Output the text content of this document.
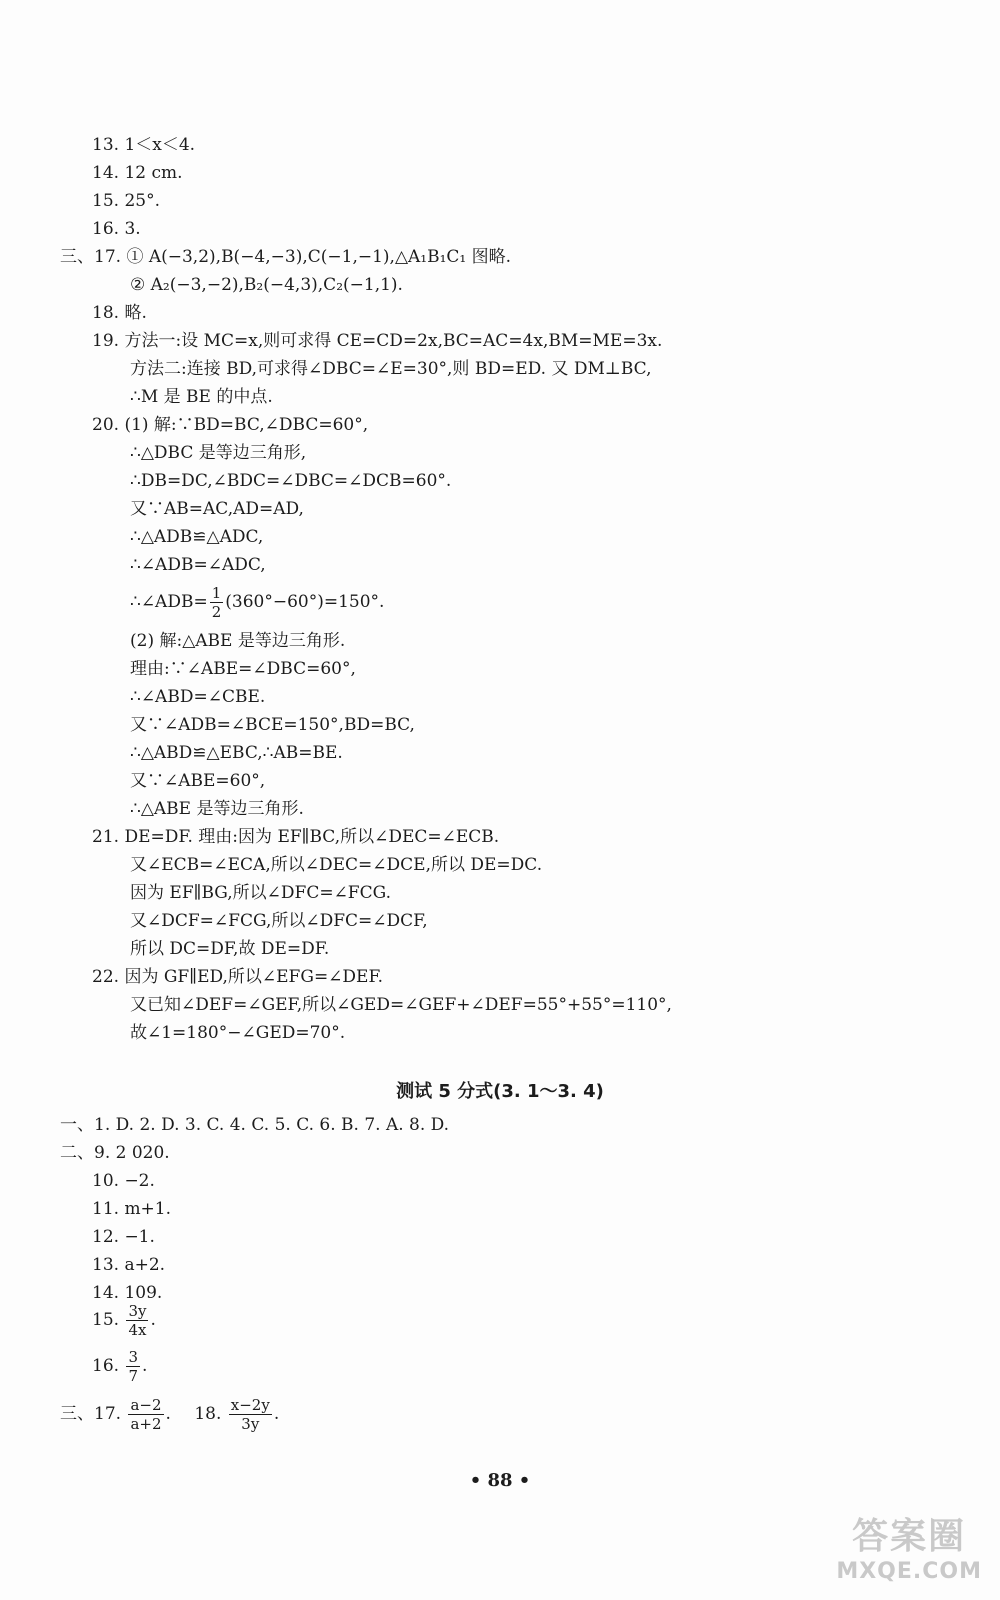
13. 1＜x＜4.
14. 12 cm.
15. 25°.
16. 3.
三、17. ① A(−3,2),B(−4,−3),C(−1,−1),△A₁B₁C₁ 图略.
② A₂(−3,−2),B₂(−4,3),C₂(−1,1).
18. 略.
19. 方法一:设 MC=x,则可求得 CE=CD=2x,BC=AC=4x,BM=ME=3x.
方法二:连接 BD,可求得∠DBC=∠E=30°,则 BD=ED. 又 DM⊥BC,
∴M 是 BE 的中点.
20. (1) 解:∵BD=BC,∠DBC=60°,
∴△DBC 是等边三角形,
∴DB=DC,∠BDC=∠DBC=∠DCB=60°.
又∵AB=AC,AD=AD,
∴△ADB≌△ADC,
∴∠ADB=∠ADC,
∴∠ADB= $\frac{1}{2} (360^\circ-60^\circ)=150^\circ$.
(2) 解:△ABE 是等边三角形.
理由:∵∠ABE=∠DBC=60°,
∴∠ABD=∠CBE.
又∵∠ADB=∠BCE=150°,BD=BC,
∴△ABD≌△EBC,∴AB=BE.
又∵∠ABE=60°,
∴△ABE 是等边三角形.
21. DE=DF. 理由:因为 EF∥BC,所以∠DEC=∠ECB.
又∠ECB=∠ECA,所以∠DEC=∠DCE,所以 DE=DC.
因为 EF∥BG,所以∠DFC=∠FCG.
又∠DCF=∠FCG,所以∠DFC=∠DCF,
所以 DC=DF,故 DE=DF.
22. 因为 GF∥ED,所以∠EFG=∠DEF.
又已知∠DEF=∠GEF,所以∠GED=∠GEF+∠DEF=55°+55°=110°,
故∠1=180°−∠GED=70°.
测试 5 分式(3. 1～3. 4)
一、1. D. 2. D. 3. C. 4. C. 5. C. 6. B. 7. A. 8. D.
二、9. 2 020.
10. −2.
11. m+1.
12. −1.
13. a+2.
14. 109.
15. $\frac{3y}{4x}$ .
16. $\frac{3}{7}$ .
三、17. $\frac{a-2}{a+2}$ . 18. $\frac{x-2y}{3y}$ .
• 88 •
答案圈
MXQE.COM
